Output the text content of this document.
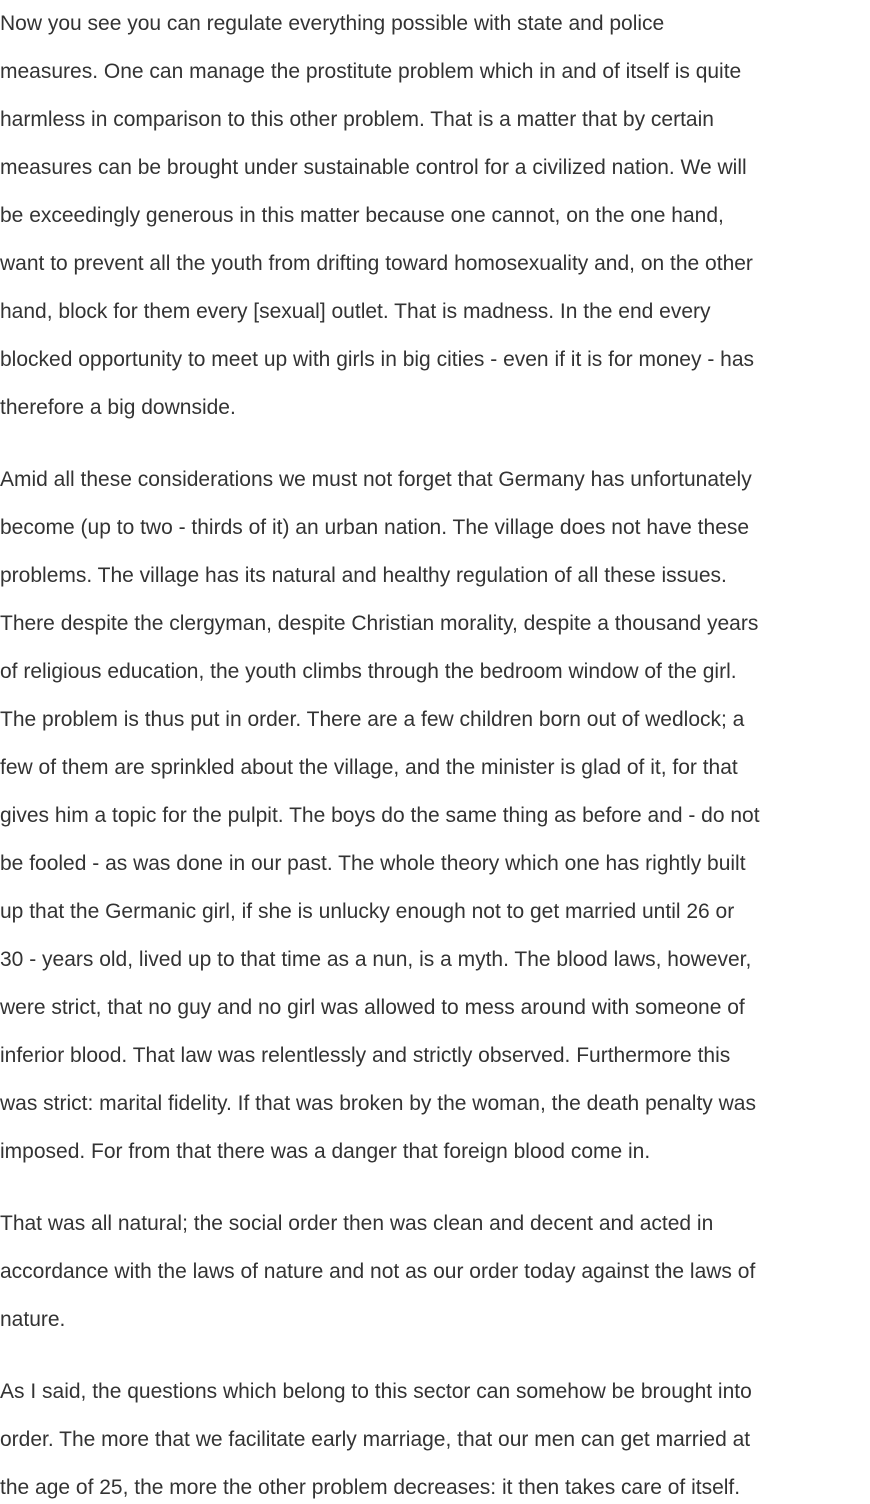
Now you see you can regulate everything possible with state and police
measures. One can manage the prostitute problem which in and of itself is quite
harmless in comparison to this other problem. That is a matter that by certain
measures can be brought under sustainable control for a civilized nation. We will
be exceedingly generous in this matter because one cannot, on the one hand,
want to prevent all the youth from drifting toward homosexuality and, on the other
hand, block for them every [sexual] outlet. That is madness. In the end every
blocked opportunity to meet up with girls in big cities - even if it is for money - has
therefore a big downside.

Amid all these considerations we must not forget that Germany has unfortunately
become (up to two - thirds of it) an urban nation. The village does not have these
problems. The village has its natural and healthy regulation of all these issues.
There despite the clergyman, despite Christian morality, despite a thousand years
of religious education, the youth climbs through the bedroom window of the girl.
The problem is thus put in order. There are a few children born out of wedlock; a
few of them are sprinkled about the village, and the minister is glad of it, for that
gives him a topic for the pulpit. The boys do the same thing as before and - do not
be fooled - as was done in our past. The whole theory which one has rightly built
up that the Germanic girl, if she is unlucky enough not to get married until 26 or
30 - years old, lived up to that time as a nun, is a myth. The blood laws, however,
were strict, that no guy and no girl was allowed to mess around with someone of
inferior blood. That law was relentlessly and strictly observed. Furthermore this
was strict: marital fidelity. If that was broken by the woman, the death penalty was
imposed. For from that there was a danger that foreign blood come in.

That was all natural; the social order then was clean and decent and acted in
accordance with the laws of nature and not as our order today against the laws of
nature.

As I said, the questions which belong to this sector can somehow be brought into
order. The more that we facilitate early marriage, that our men can get married at
the age of 25, the more the other problem decreases: it then takes care of itself.
